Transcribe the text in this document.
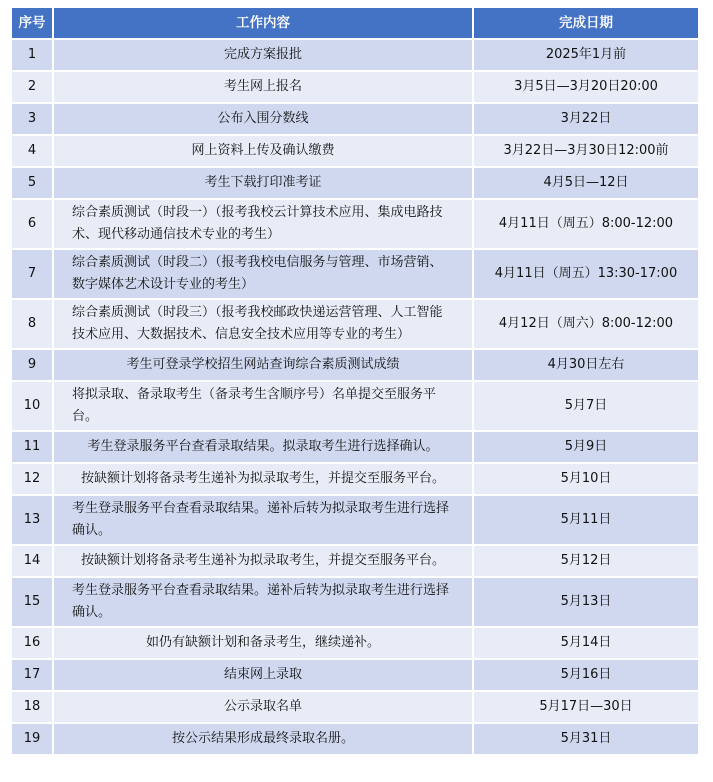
序号	工作内容	完成日期
1	完成方案报批	2025年1月前
2	考生网上报名	3月5日—3月20日20:00
3	公布入围分数线	3月22日
4	网上资料上传及确认缴费	3月22日—3月30日12:00前
5	考生下载打印准考证	4月5日—12日
6	综合素质测试（时段一）（报考我校云计算技术应用、集成电路技术、现代移动通信技术专业的考生）	4月11日（周五）8:00-12:00
7	综合素质测试（时段二）（报考我校电信服务与管理、市场营销、数字媒体艺术设计专业的考生）	4月11日（周五）13:30-17:00
8	综合素质测试（时段三）（报考我校邮政快递运营管理、人工智能技术应用、大数据技术、信息安全技术应用等专业的考生）	4月12日（周六）8:00-12:00
9	考生可登录学校招生网站查询综合素质测试成绩	4月30日左右
10	将拟录取、备录取考生（备录考生含顺序号）名单提交至服务平台。	5月7日
11	考生登录服务平台查看录取结果。拟录取考生进行选择确认。	5月9日
12	按缺额计划将备录考生递补为拟录取考生，并提交至服务平台。	5月10日
13	考生登录服务平台查看录取结果。递补后转为拟录取考生进行选择确认。	5月11日
14	按缺额计划将备录考生递补为拟录取考生，并提交至服务平台。	5月12日
15	考生登录服务平台查看录取结果。递补后转为拟录取考生进行选择确认。	5月13日
16	如仍有缺额计划和备录考生，继续递补。	5月14日
17	结束网上录取	5月16日
18	公示录取名单	5月17日—30日
19	按公示结果形成最终录取名册。	5月31日
